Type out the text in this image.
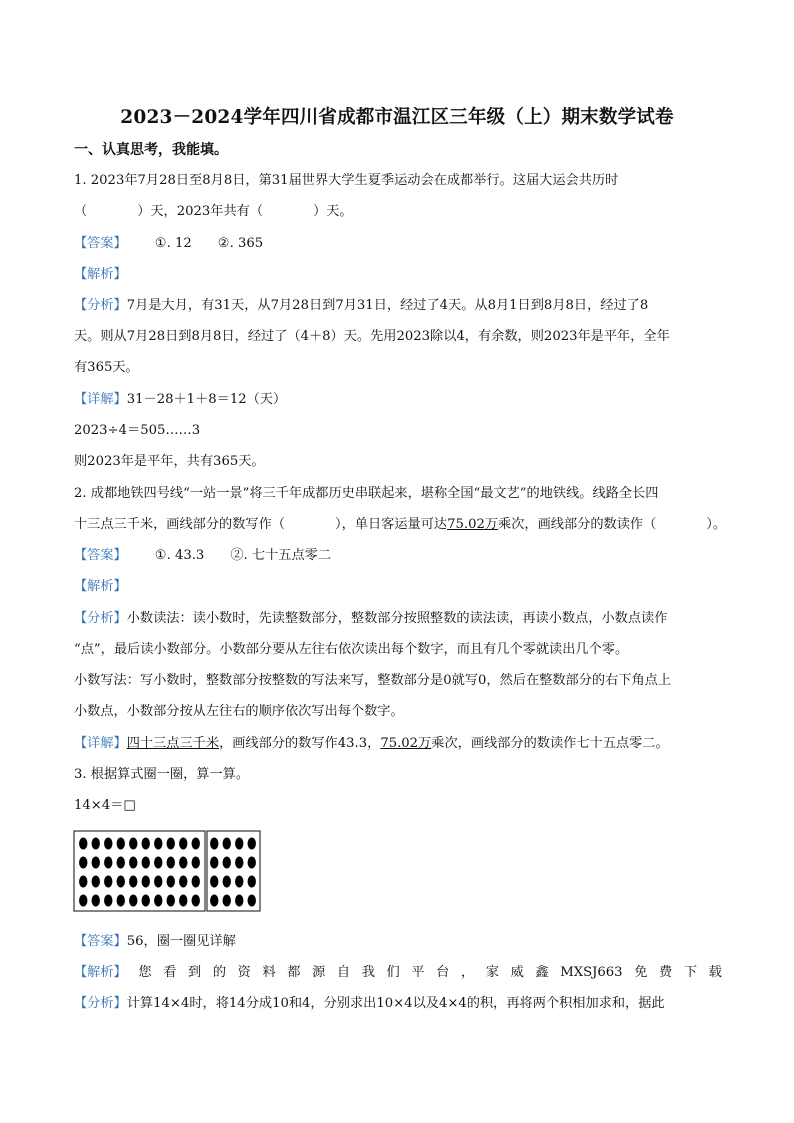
2023－2024学年四川省成都市温江区三年级（上）期末数学试卷
一、认真思考，我能填。
1. 2023年7月28日至8月8日，第31届世界大学生夏季运动会在成都举行。这届大运会共历时
（	）天，2023年共有（	）天。
【答案】 ①. 12 ②. 365
【解析】
【分析】7月是大月，有31天，从7月28日到7月31日，经过了4天。从8月1日到8月8日，经过了8
天。则从7月28日到8月8日，经过了（4＋8）天。先用2023除以4，有余数，则2023年是平年，全年
有365天。
【详解】31－28＋1＋8＝12（天）
2023÷4＝505……3
则2023年是平年，共有365天。
2. 成都地铁四号线“一站一景”将三千年成都历史串联起来，堪称全国“最文艺”的地铁线。线路全长四
十三点三千米，画线部分的数写作（	），单日客运量可达75.02万乘次，画线部分的数读作（	）。
【答案】 ①. 43.3 ②. 七十五点零二
【解析】
【分析】小数读法：读小数时，先读整数部分，整数部分按照整数的读法读，再读小数点，小数点读作
“点”，最后读小数部分。小数部分要从左往右依次读出每个数字，而且有几个零就读出几个零。
小数写法：写小数时，整数部分按整数的写法来写，整数部分是0就写0，然后在整数部分的右下角点上
小数点，小数部分按从左往右的顺序依次写出每个数字。
【详解】四十三点三千米，画线部分的数写作43.3，75.02万乘次，画线部分的数读作七十五点零二。
3. 根据算式圈一圈，算一算。
14×4＝□
【答案】56，圈一圈见详解
【解析】 您 看 到 的 资 料 都 源 自 我 们 平 台 ， 家 威 鑫 MXSJ663 免 费 下 载
【分析】计算14×4时，将14分成10和4，分别求出10×4以及4×4的积，再将两个积相加求和，据此
